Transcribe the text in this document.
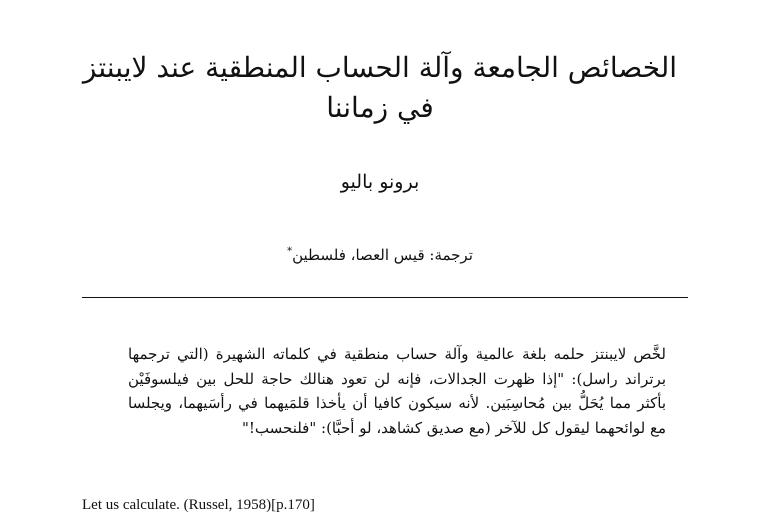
الخصائص الجامعة وآلة الحساب المنطقية عند لايبنتز في زماننا
برونو باليو
ترجمة: قيس العصا، فلسطين*

لخَّص لايبنتز حلمه بلغة عالمية وآلة حساب منطقية في كلماته الشهيرة (التي ترجمها برتراند راسل): "إذا ظهرت الجدالات، فإنه لن تعود هنالك حاجة للحل بين فيلسوفَيْن بأكثر مما يُحَلُّ بين مُحاسِبَين. لأنه سيكون كافيا أن يأخذا قلمَيهما في رأسَيهما، ويجلسا مع لوائحهما ليقول كل للآخر (مع صديق كشاهد، لو أحبَّا): "فلنحسب!"

Let us calculate. (Russel, 1958)[p.170]
